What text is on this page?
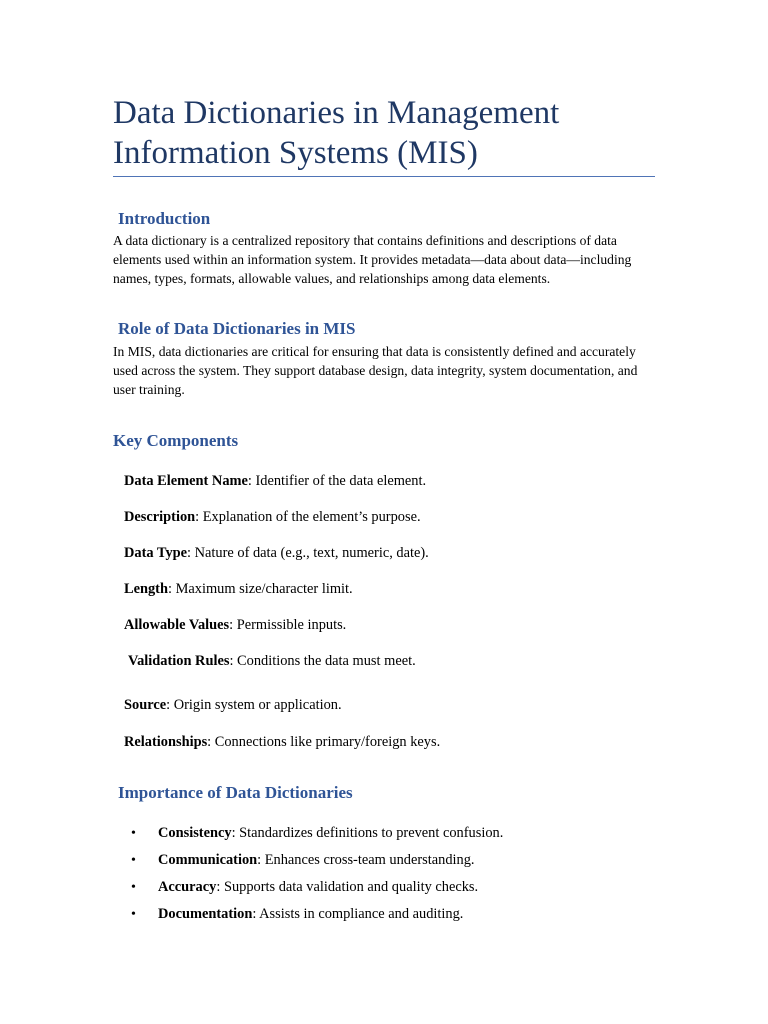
Data Dictionaries in Management Information Systems (MIS)
Introduction

A data dictionary is a centralized repository that contains definitions and descriptions of data elements used within an information system. It provides metadata—data about data—including names, types, formats, allowable values, and relationships among data elements.

Role of Data Dictionaries in MIS

In MIS, data dictionaries are critical for ensuring that data is consistently defined and accurately used across the system. They support database design, data integrity, system documentation, and user training.

Key Components

Data Element Name: Identifier of the data element.

Description: Explanation of the element’s purpose.

Data Type: Nature of data (e.g., text, numeric, date).

Length: Maximum size/character limit.

Allowable Values: Permissible inputs.

Validation Rules: Conditions the data must meet.

Source: Origin system or application.

Relationships: Connections like primary/foreign keys.

Importance of Data Dictionaries

• Consistency: Standardizes definitions to prevent confusion.

• Communication: Enhances cross-team understanding.

• Accuracy: Supports data validation and quality checks.

• Documentation: Assists in compliance and auditing.
